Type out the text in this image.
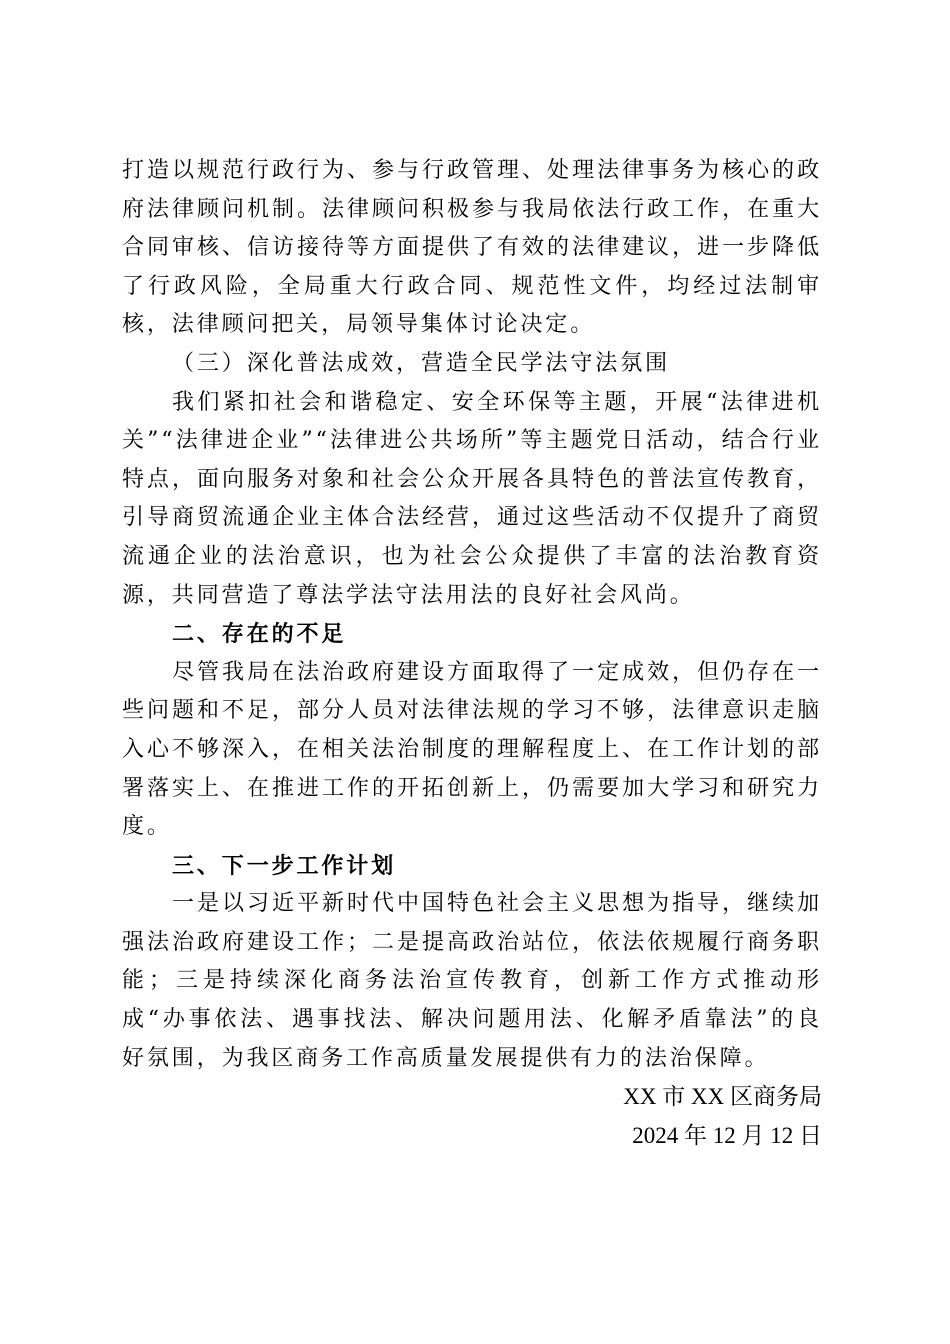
打造以规范行政行为、参与行政管理、处理法律事务为核心的政府法律顾问机制。法律顾问积极参与我局依法行政工作，在重大合同审核、信访接待等方面提供了有效的法律建议，进一步降低了行政风险，全局重大行政合同、规范性文件，均经过法制审核，法律顾问把关，局领导集体讨论决定。

（三）深化普法成效，营造全民学法守法氛围

我们紧扣社会和谐稳定、安全环保等主题，开展“法律进机关”“法律进企业”“法律进公共场所”等主题党日活动，结合行业特点，面向服务对象和社会公众开展各具特色的普法宣传教育，引导商贸流通企业主体合法经营，通过这些活动不仅提升了商贸流通企业的法治意识，也为社会公众提供了丰富的法治教育资源，共同营造了尊法学法守法用法的良好社会风尚。

二、存在的不足

尽管我局在法治政府建设方面取得了一定成效，但仍存在一些问题和不足，部分人员对法律法规的学习不够，法律意识走脑入心不够深入，在相关法治制度的理解程度上、在工作计划的部署落实上、在推进工作的开拓创新上，仍需要加大学习和研究力度。

三、下一步工作计划

一是以习近平新时代中国特色社会主义思想为指导，继续加强法治政府建设工作；二是提高政治站位，依法依规履行商务职能；三是持续深化商务法治宣传教育，创新工作方式推动形成“办事依法、遇事找法、解决问题用法、化解矛盾靠法”的良好氛围，为我区商务工作高质量发展提供有力的法治保障。

XX 市 XX 区商务局

2024 年 12 月 12 日
